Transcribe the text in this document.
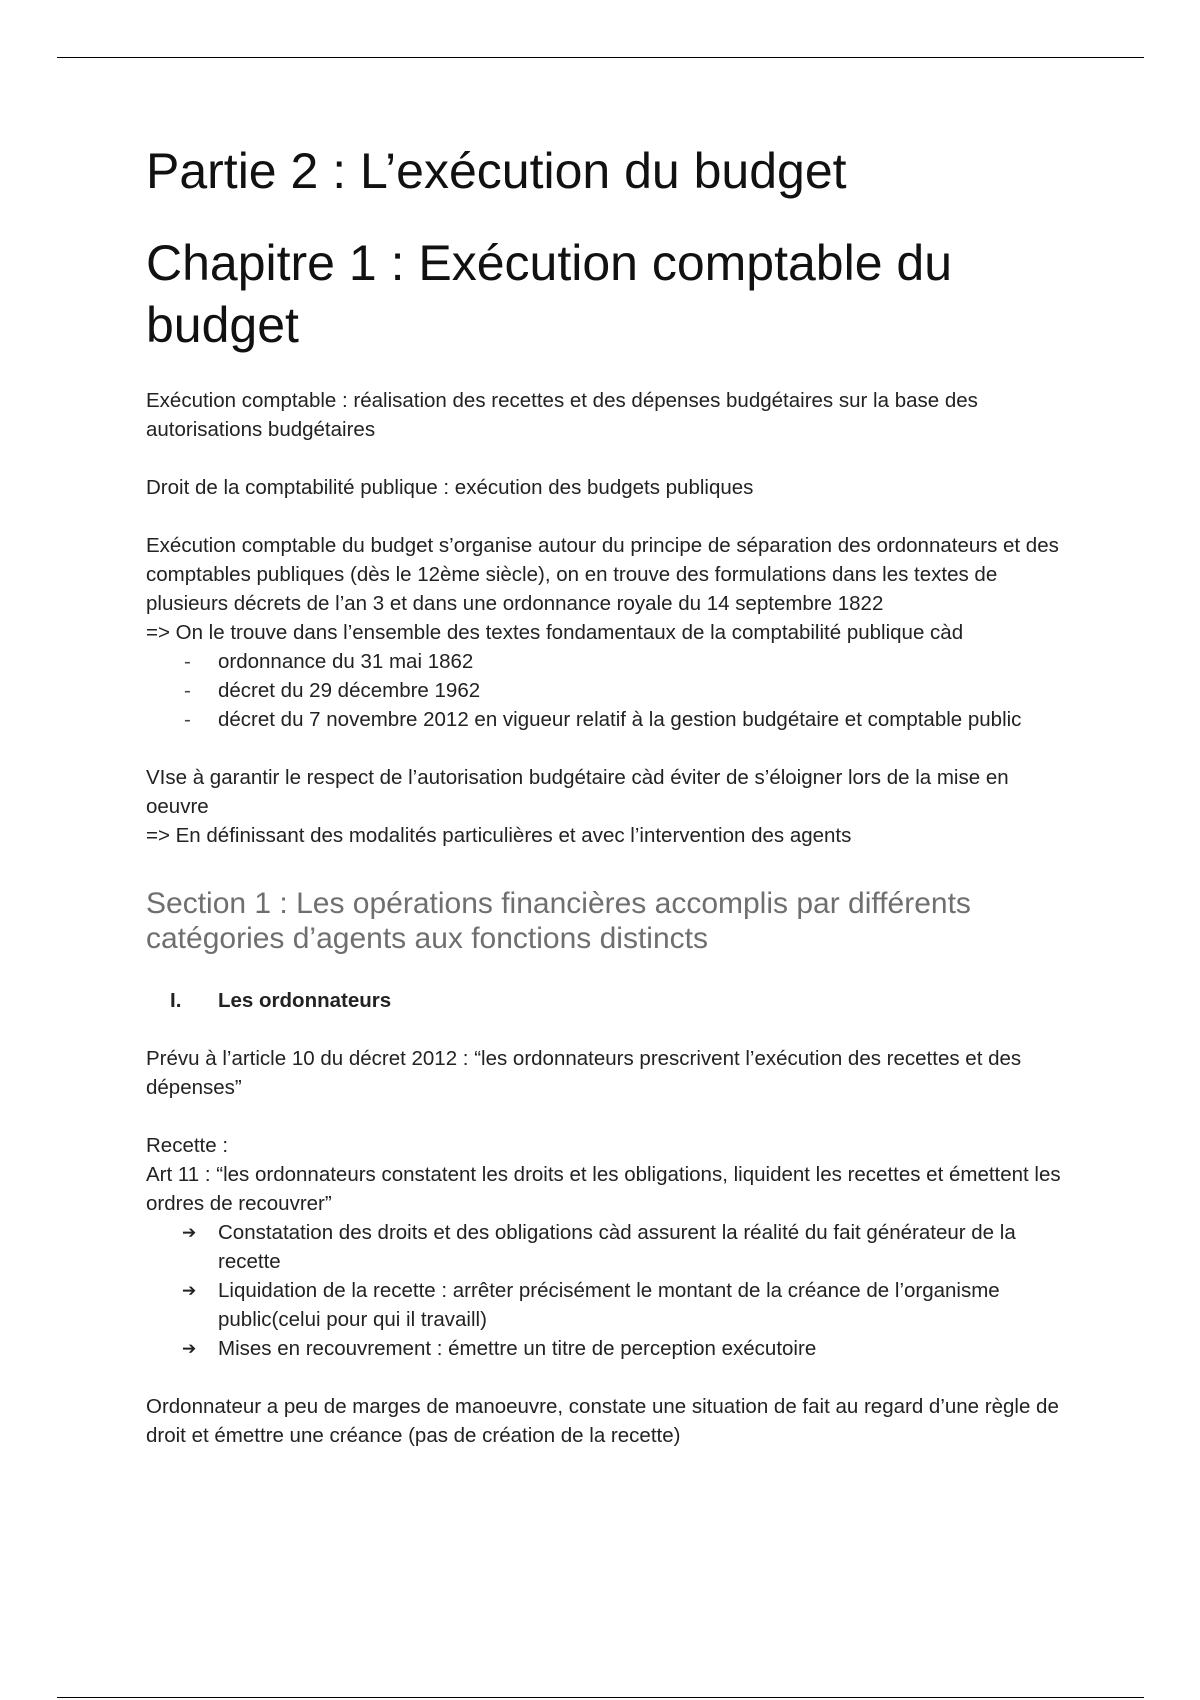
Partie 2 : L’exécution du budget
Chapitre 1 : Exécution comptable du budget

Exécution comptable : réalisation des recettes et des dépenses budgétaires sur la base des autorisations budgétaires

Droit de la comptabilité publique : exécution des budgets publiques

Exécution comptable du budget s’organise autour du principe de séparation des ordonnateurs et des comptables publiques (dès le 12ème siècle), on en trouve des formulations dans les textes de plusieurs décrets de l’an 3 et dans une ordonnance royale du 14 septembre 1822

=> On le trouve dans l’ensemble des textes fondamentaux de la comptabilité publique càd

- ordonnance du 31 mai 1862
- décret du 29 décembre 1962
- décret du 7 novembre 2012 en vigueur relatif à la gestion budgétaire et comptable public

VIse à garantir le respect de l’autorisation budgétaire càd éviter de s’éloigner lors de la mise en oeuvre

=> En définissant des modalités particulières et avec l’intervention des agents

Section 1 : Les opérations financières accomplis par différents catégories d’agents aux fonctions distincts
I. Les ordonnateurs

Prévu à l’article 10 du décret 2012 : “les ordonnateurs prescrivent l’exécution des recettes et des dépenses”

Recette :

Art 11 : “les ordonnateurs constatent les droits et les obligations, liquident les recettes et émettent les ordres de recouvrer”

➔ Constatation des droits et des obligations càd assurent la réalité du fait générateur de la recette
➔ Liquidation de la recette : arrêter précisément le montant de la créance de l’organisme public(celui pour qui il travaill)
➔ Mises en recouvrement : émettre un titre de perception exécutoire

Ordonnateur a peu de marges de manoeuvre, constate une situation de fait au regard d’une règle de droit et émettre une créance (pas de création de la recette)
